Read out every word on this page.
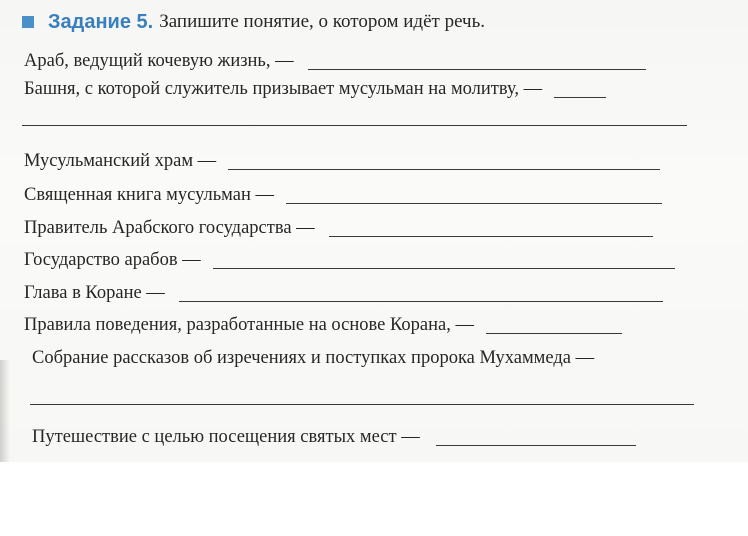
Задание 5. Запишите понятие, о котором идёт речь.
Араб, ведущий кочевую жизнь, —
Башня, с которой служитель призывает мусульман на молитву, —
Мусульманский храм —
Священная книга мусульман —
Правитель Арабского государства —
Государство арабов —
Глава в Коране —
Правила поведения, разработанные на основе Корана, —
Собрание рассказов об изречениях и поступках пророка Мухаммеда —
Путешествие с целью посещения святых мест —
